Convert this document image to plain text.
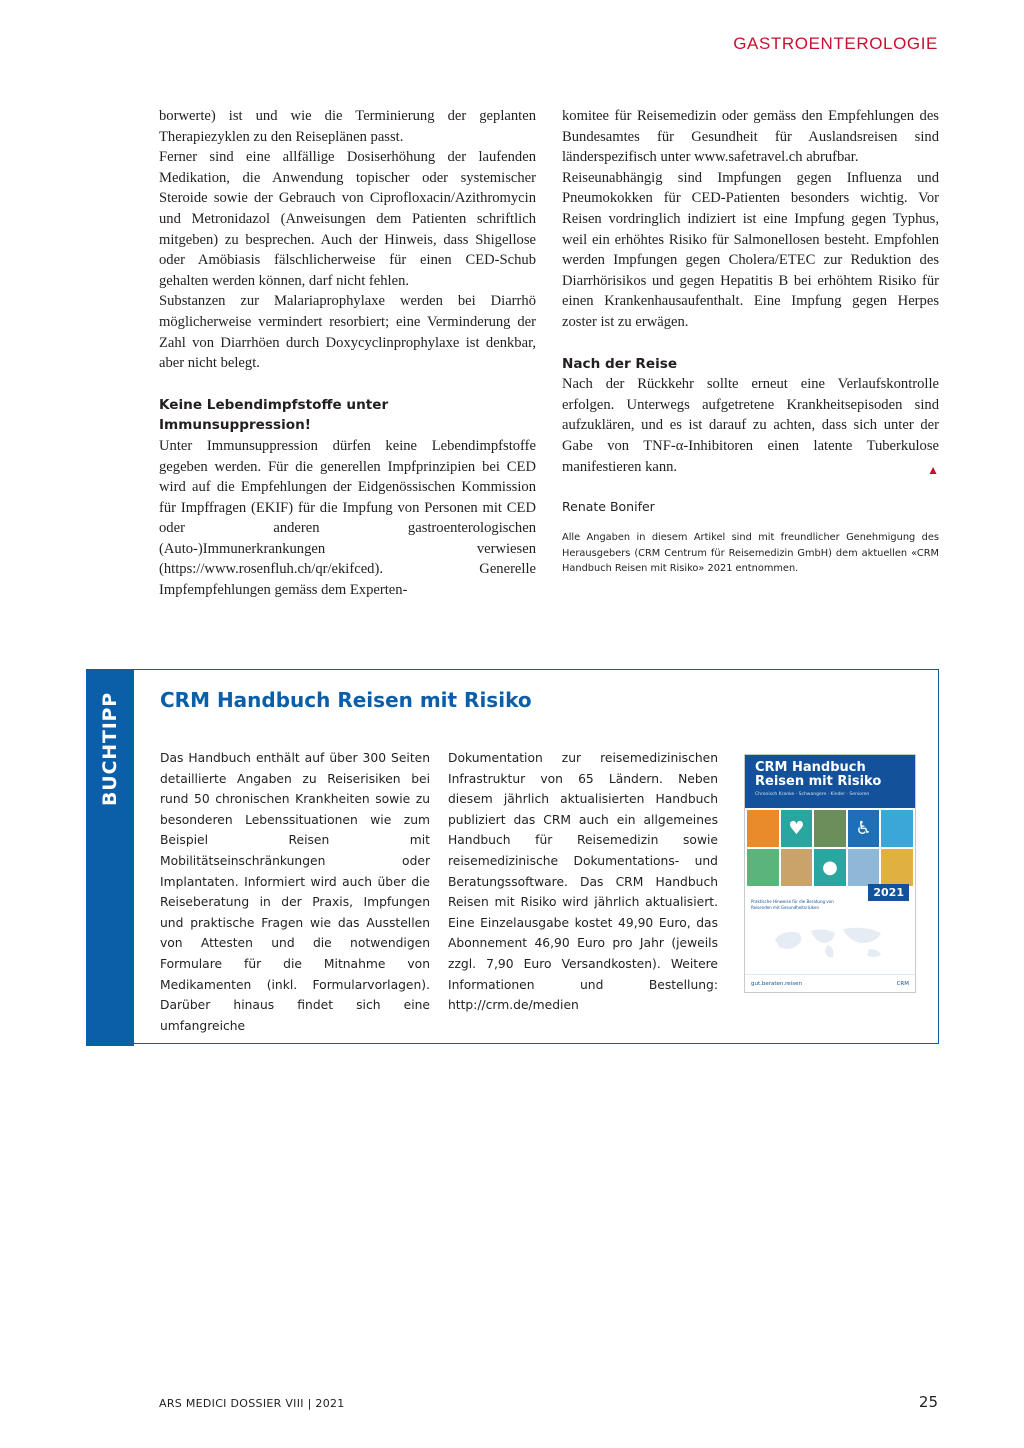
GASTROENTEROLOGIE

borwerte) ist und wie die Terminierung der geplanten Therapiezyklen zu den Reiseplänen passt.

Ferner sind eine allfällige Dosiserhöhung der laufenden Medikation, die Anwendung topischer oder systemischer Steroide sowie der Gebrauch von Ciprofloxacin/Azithromycin und Metronidazol (Anweisungen dem Patienten schriftlich mitgeben) zu besprechen. Auch der Hinweis, dass Shigellose oder Amöbiasis fälschlicherweise für einen CED-Schub gehalten werden können, darf nicht fehlen.

Substanzen zur Malariaprophylaxe werden bei Diarrhö möglicherweise vermindert resorbiert; eine Verminderung der Zahl von Diarrhöen durch Doxycyclinprophylaxe ist denkbar, aber nicht belegt.

Keine Lebendimpfstoffe unter Immunsuppression!

Unter Immunsuppression dürfen keine Lebendimpfstoffe gegeben werden. Für die generellen Impfprinzipien bei CED wird auf die Empfehlungen der Eidgenössischen Kommission für Impffragen (EKIF) für die Impfung von Personen mit CED oder anderen gastroenterologischen (Auto-)Immunerkrankungen verwiesen (https://www.rosenfluh.ch/qr/ekifced). Generelle Impfempfehlungen gemäss dem Experten-

komitee für Reisemedizin oder gemäss den Empfehlungen des Bundesamtes für Gesundheit für Auslandsreisen sind länderspezifisch unter www.safetravel.ch abrufbar.

Reiseunabhängig sind Impfungen gegen Influenza und Pneumokokken für CED-Patienten besonders wichtig. Vor Reisen vordringlich indiziert ist eine Impfung gegen Typhus, weil ein erhöhtes Risiko für Salmonellosen besteht. Empfohlen werden Impfungen gegen Cholera/ETEC zur Reduktion des Diarrhörisikos und gegen Hepatitis B bei erhöhtem Risiko für einen Krankenhausaufenthalt. Eine Impfung gegen Herpes zoster ist zu erwägen.

Nach der Reise

Nach der Rückkehr sollte erneut eine Verlaufskontrolle erfolgen. Unterwegs aufgetretene Krankheitsepisoden sind aufzuklären, und es ist darauf zu achten, dass sich unter der Gabe von TNF-α-Inhibitoren einen latente Tuberkulose manifestieren kann.	▲

Renate Bonifer

Alle Angaben in diesem Artikel sind mit freundlicher Genehmigung des Herausgebers (CRM Centrum für Reisemedizin GmbH) dem aktuellen «CRM Handbuch Reisen mit Risiko» 2021 entnommen.

BUCHTIPP CRM Handbuch Reisen mit Risiko

Das Handbuch enthält auf über 300 Seiten detaillierte Angaben zu Reiserisiken bei rund 50 chronischen Krankheiten sowie zu besonderen Lebenssituationen wie zum Beispiel Reisen mit Mobilitätseinschränkungen oder Implantaten. Informiert wird auch über die Reiseberatung in der Praxis, Impfungen und praktische Fragen wie das Ausstellen von Attesten und die notwendigen Formulare für die Mitnahme von Medikamenten (inkl. Formularvorlagen). Darüber hinaus findet sich eine umfangreiche

Dokumentation zur reisemedizinischen Infrastruktur von 65 Ländern. Neben diesem jährlich aktualisierten Handbuch publiziert das CRM auch ein allgemeines Handbuch für Reisemedizin sowie reisemedizinische Dokumentations- und Beratungssoftware. Das CRM Handbuch Reisen mit Risiko wird jährlich aktualisiert. Eine Einzelausgabe kostet 49,90 Euro, das Abonnement 46,90 Euro pro Jahr (jeweils zzgl. 7,90 Euro Versandkosten). Weitere Informationen und Bestellung: http://crm.de/medien

CRM Handbuch Reisen mit Risiko

Chronisch Kranke · Schwangere · Kinder · Senioren
♥	♿
●
2021
Praktische Hinweise für die Beratung von Reisenden mit Gesundheitsrisiken
gut.beraten.reisen	CRM
ARS MEDICI DOSSIER VIII | 2021	25
